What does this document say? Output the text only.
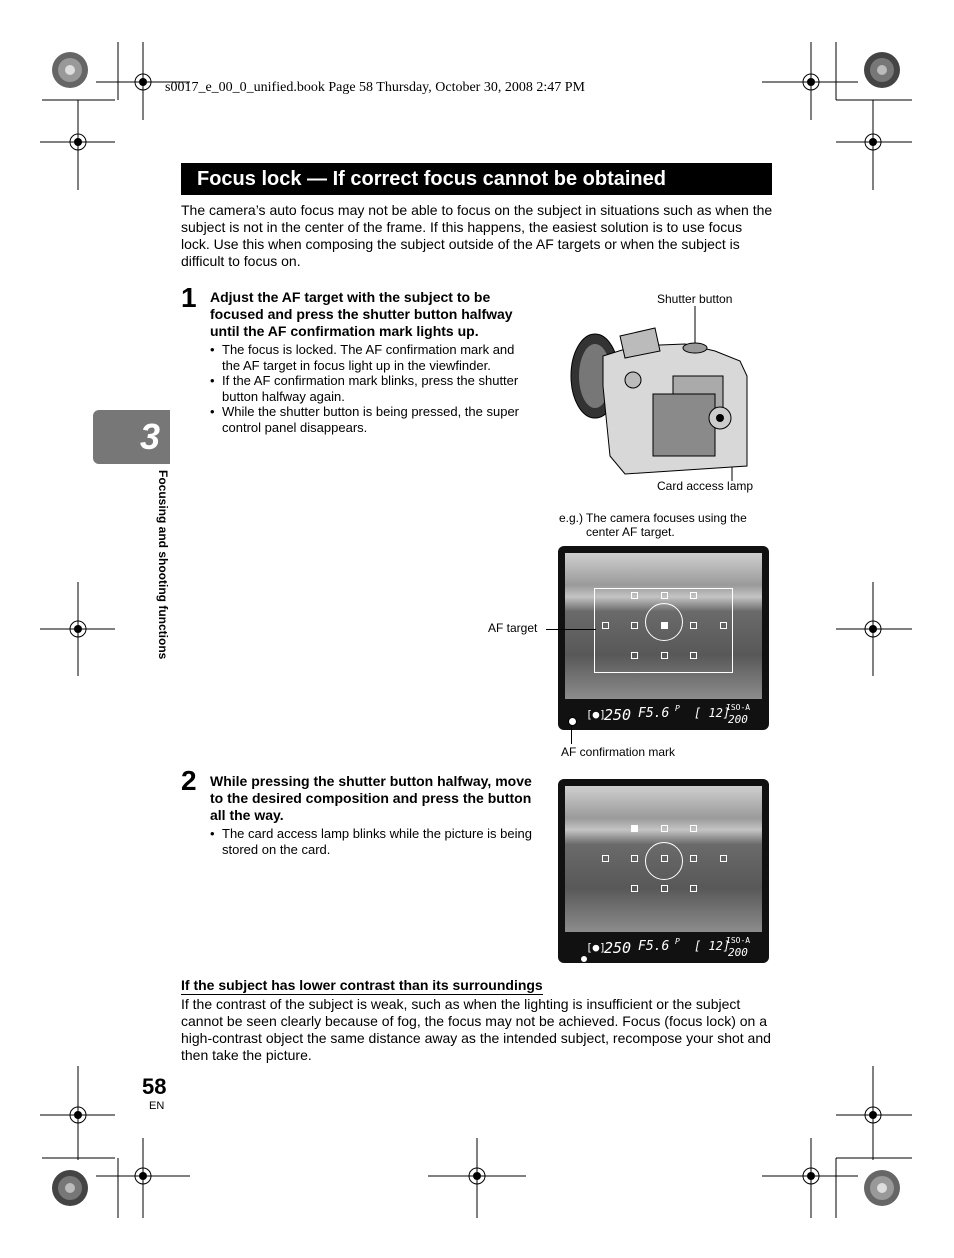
s0017_e_00_0_unified.book Page 58 Thursday, October 30, 2008 2:47 PM
Focus lock — If correct focus cannot be obtained
The camera’s auto focus may not be able to focus on the subject in situations such as when the subject is not in the center of the frame. If this happens, the easiest solution is to use focus lock. Use this when composing the subject outside of the AF targets or when the subject is difficult to focus on.
3
Focusing and shooting functions
1 Adjust the AF target with the subject to be focused and press the shutter button halfway until the AF confirmation mark lights up.
• The focus is locked. The AF confirmation mark and the AF target in focus light up in the viewfinder.
• If the AF confirmation mark blinks, press the shutter button halfway again.
• While the shutter button is being pressed, the super control panel disappears.
Shutter button
Card access lamp
e.g.) The camera focuses using the center AF target.
[●]
250 F5.6 P [ 12]
ISO-A
200
AF target
AF confirmation mark
2 While pressing the shutter button halfway, move to the desired composition and press the button all the way.
• The card access lamp blinks while the picture is being stored on the card.
[●]
250 F5.6 P [ 12]
ISO-A
200
If the subject has lower contrast than its surroundings
If the contrast of the subject is weak, such as when the lighting is insufficient or the subject cannot be seen clearly because of fog, the focus may not be achieved. Focus (focus lock) on a high-contrast object the same distance away as the intended subject, recompose your shot and then take the picture.
58
EN
